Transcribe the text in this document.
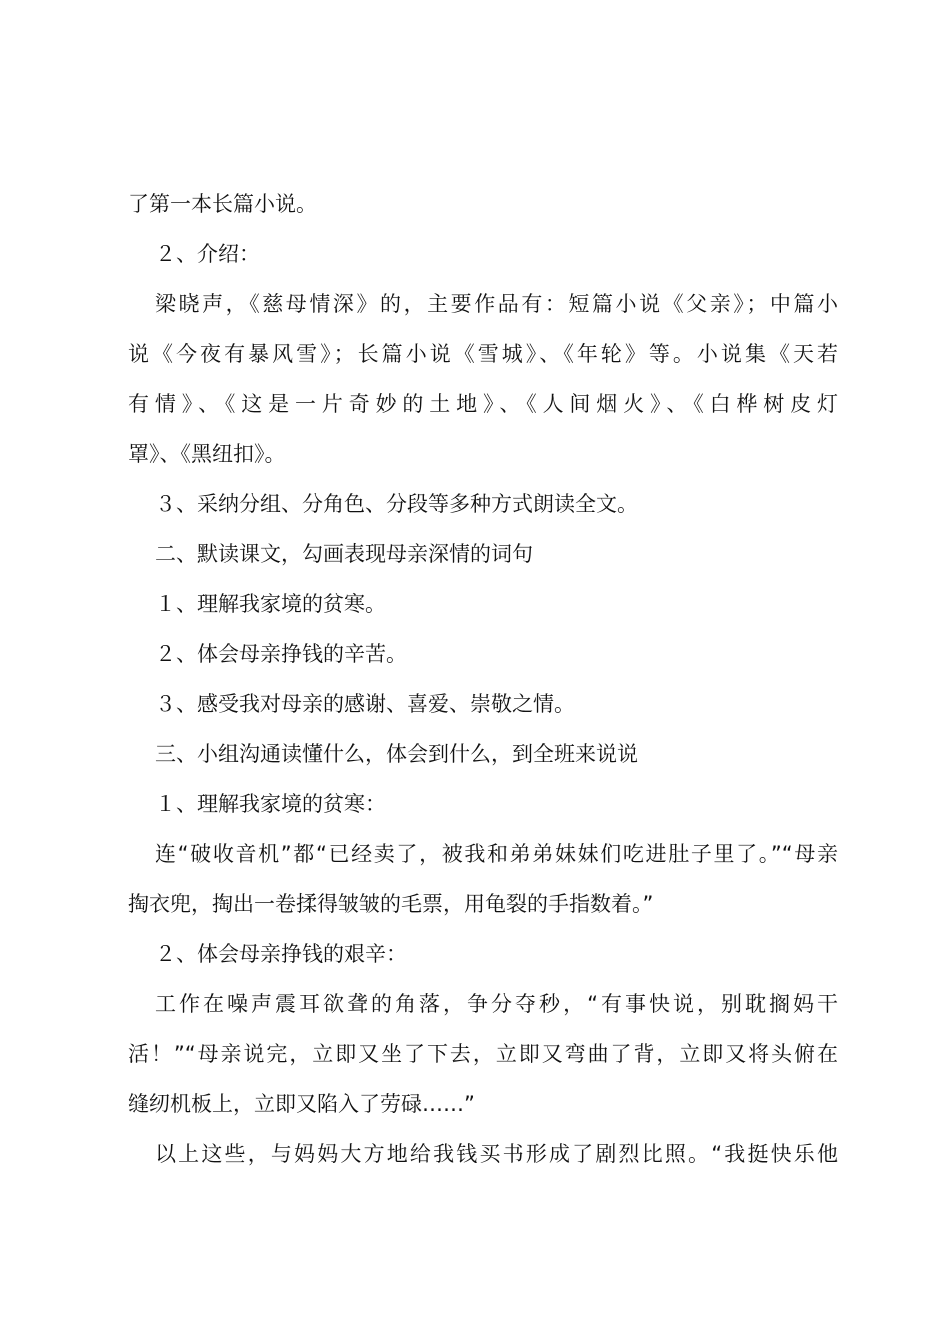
了第一本长篇小说。
２、介绍：
梁晓声，《慈母情深》的，主要作品有：短篇小说《父亲》；中篇小
说《今夜有暴风雪》；长篇小说《雪城》、《年轮》等。小说集《天若
有情》、《这是一片奇妙的土地》、《人间烟火》、《白桦树皮灯
罩》、《黑纽扣》。
３、采纳分组、分角色、分段等多种方式朗读全文。
二、默读课文，勾画表现母亲深情的词句
１、理解我家境的贫寒。
２、体会母亲挣钱的辛苦。
３、感受我对母亲的感谢、喜爱、崇敬之情。
三、小组沟通读懂什么，体会到什么，到全班来说说
１、理解我家境的贫寒：
连“破收音机”都“已经卖了，被我和弟弟妹妹们吃进肚子里了。”“母亲
掏衣兜，掏出一卷揉得皱皱的毛票，用龟裂的手指数着。”
２、体会母亲挣钱的艰辛：
工作在噪声震耳欲聋的角落，争分夺秒，“有事快说，别耽搁妈干
活！”“母亲说完，立即又坐了下去，立即又弯曲了背，立即又将头俯在
缝纫机板上，立即又陷入了劳碌……”
以上这些，与妈妈大方地给我钱买书形成了剧烈比照。“我挺快乐他
